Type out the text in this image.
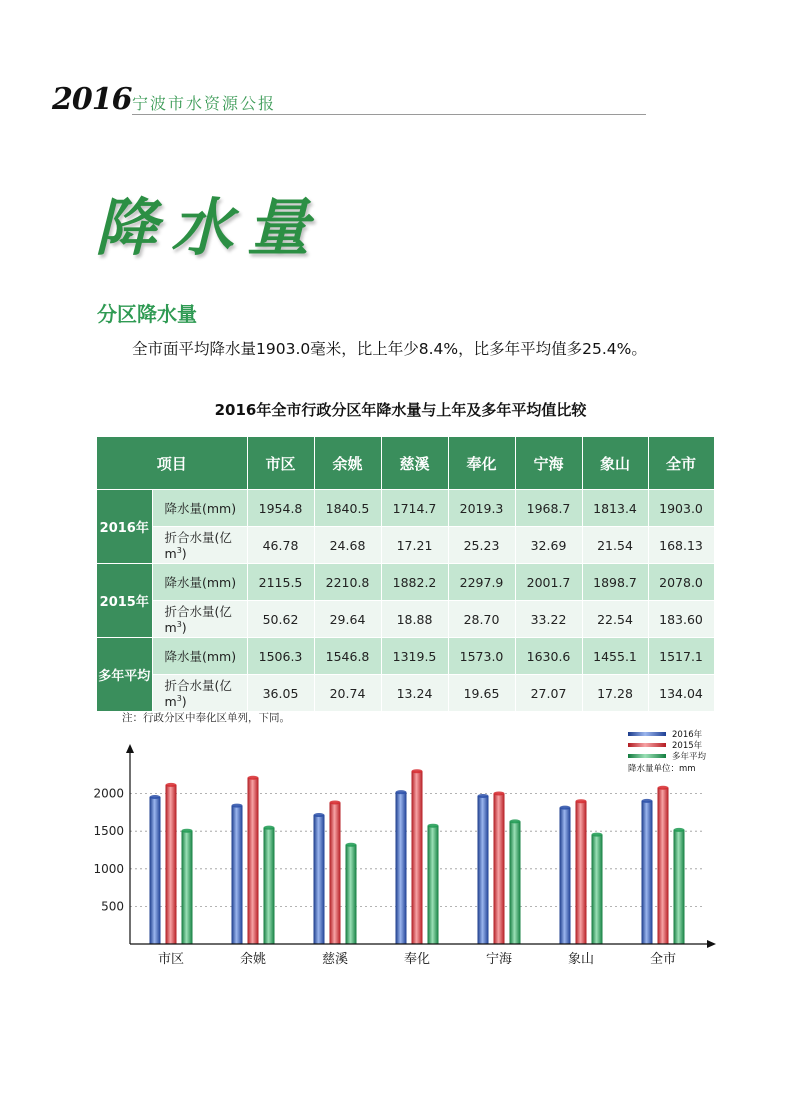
2016 宁波市水资源公报
降水量
分区降水量
全市面平均降水量1903.0毫米，比上年少8.4%，比多年平均值多25.4%。
2016年全市行政分区年降水量与上年及多年平均值比较
项目		市区	余姚	慈溪	奉化	宁海	象山	全市
2016年	降水量(mm)	1954.8	1840.5	1714.7	2019.3	1968.7	1813.4	1903.0
	折合水量(亿$m^3$)	46.78	24.68	17.21	25.23	32.69	21.54	168.13
2015年	降水量(mm)	2115.5	2210.8	1882.2	2297.9	2001.7	1898.7	2078.0
	折合水量(亿$m^3$)	50.62	29.64	18.88	28.70	33.22	22.54	183.60
多年平均	降水量(mm)	1506.3	1546.8	1319.5	1573.0	1630.6	1455.1	1517.1
	折合水量(亿$m^3$)	36.05	20.74	13.24	19.65	27.07	17.28	134.04
注：行政分区中奉化区单列，下同。
500
1000
1500
2000
市区	余姚	慈溪	奉化	宁海	象山	全市
2016年
2015年
多年平均
降水量单位：mm
